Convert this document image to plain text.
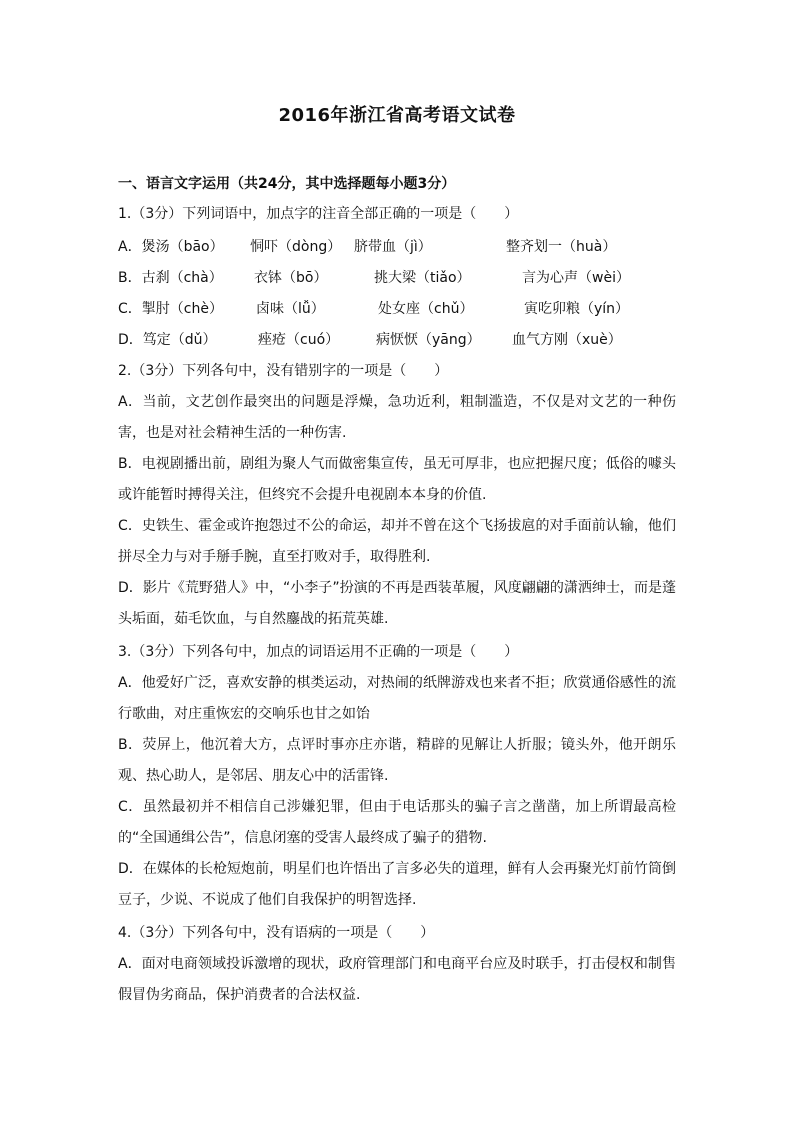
2016年浙江省高考语文试卷
一、语言文字运用（共24分，其中选择题每小题3分）
1.（3分）下列词语中，加点字的注音全部正确的一项是（　　）
A．煲汤（bāo） 恫吓（dòng） 脐带血（jì）	整齐划一（huà）
B．古刹（chà） 衣钵（bō）	挑大梁（tiǎo）	言为心声（wèi）
C．掣肘（chè） 卤味（lǚ）	处女座（chǔ）	寅吃卯粮（yín）
D．笃定（dǔ）	痤疮（cuó）	病恹恹（yāng） 血气方刚（xuè）
2.（3分）下列各句中，没有错别字的一项是（　　）
A．当前，文艺创作最突出的问题是浮燥，急功近利，粗制滥造，不仅是对文艺的一种伤害，也是对社会精神生活的一种伤害.
B．电视剧播出前，剧组为聚人气而做密集宣传，虽无可厚非，也应把握尺度；低俗的噱头或许能暂时搏得关注，但终究不会提升电视剧本本身的价值.
C．史铁生、霍金或许抱怨过不公的命运，却并不曾在这个飞扬拔扈的对手面前认输，他们拼尽全力与对手掰手腕，直至打败对手，取得胜利.
D．影片《荒野猎人》中，“小李子”扮演的不再是西装革履，风度翩翩的潇洒绅士，而是蓬头垢面，茹毛饮血，与自然鏖战的拓荒英雄.
3.（3分）下列各句中，加点的词语运用不正确的一项是（　　）
A．他爱好广泛，喜欢安静的棋类运动，对热闹的纸牌游戏也来者不拒；欣赏通俗感性的流行歌曲，对庄重恢宏的交响乐也甘之如饴
B．荧屏上，他沉着大方，点评时事亦庄亦谐，精辟的见解让人折服；镜头外，他开朗乐观、热心助人，是邻居、朋友心中的活雷锋.
C．虽然最初并不相信自己涉嫌犯罪，但由于电话那头的骗子言之凿凿，加上所谓最高检的“全国通缉公告”，信息闭塞的受害人最终成了骗子的猎物.
D．在媒体的长枪短炮前，明星们也许悟出了言多必失的道理，鲜有人会再聚光灯前竹筒倒豆子，少说、不说成了他们自我保护的明智选择.
4.（3分）下列各句中，没有语病的一项是（　　）
A．面对电商领域投诉激增的现状，政府管理部门和电商平台应及时联手，打击侵权和制售假冒伪劣商品，保护消费者的合法权益.
